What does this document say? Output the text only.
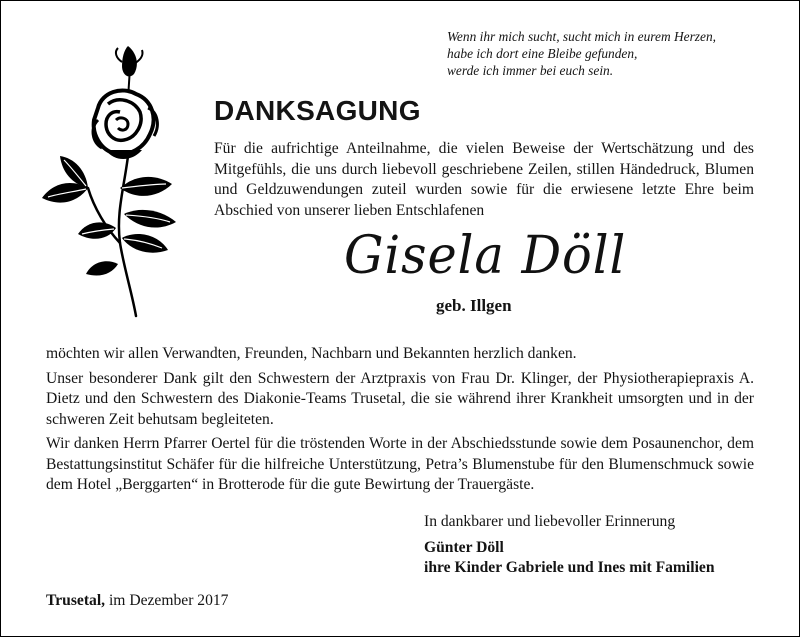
Wenn ihr mich sucht, sucht mich in eurem Herzen,
habe ich dort eine Bleibe gefunden,
werde ich immer bei euch sein.
DANKSAGUNG
Für die aufrichtige Anteilnahme, die vielen Beweise der Wertschätzung und des Mitgefühls, die uns durch liebevoll geschriebene Zeilen, stillen Händedruck, Blumen und Geldzuwendungen zuteil wurden sowie für die erwiesene letzte Ehre beim Abschied von unserer lieben Entschlafenen
Gisela Döll
geb. Illgen

möchten wir allen Verwandten, Freunden, Nachbarn und Bekannten herzlich danken.

Unser besonderer Dank gilt den Schwestern der Arztpraxis von Frau Dr. Klinger, der Physiotherapiepraxis A. Dietz und den Schwestern des Diakonie-Teams Trusetal, die sie während ihrer Krankheit umsorgten und in der schweren Zeit behutsam begleiteten.

Wir danken Herrn Pfarrer Oertel für die tröstenden Worte in der Abschiedsstunde sowie dem Posaunenchor, dem Bestattungsinstitut Schäfer für die hilfreiche Unterstützung, Petra’s Blumenstube für den Blumenschmuck sowie dem Hotel „Berggarten“ in Brotterode für die gute Bewirtung der Trauergäste.

In dankbarer und liebevoller Erinnerung
Günter Döll
ihre Kinder Gabriele und Ines mit Familien
Trusetal, im Dezember 2017
